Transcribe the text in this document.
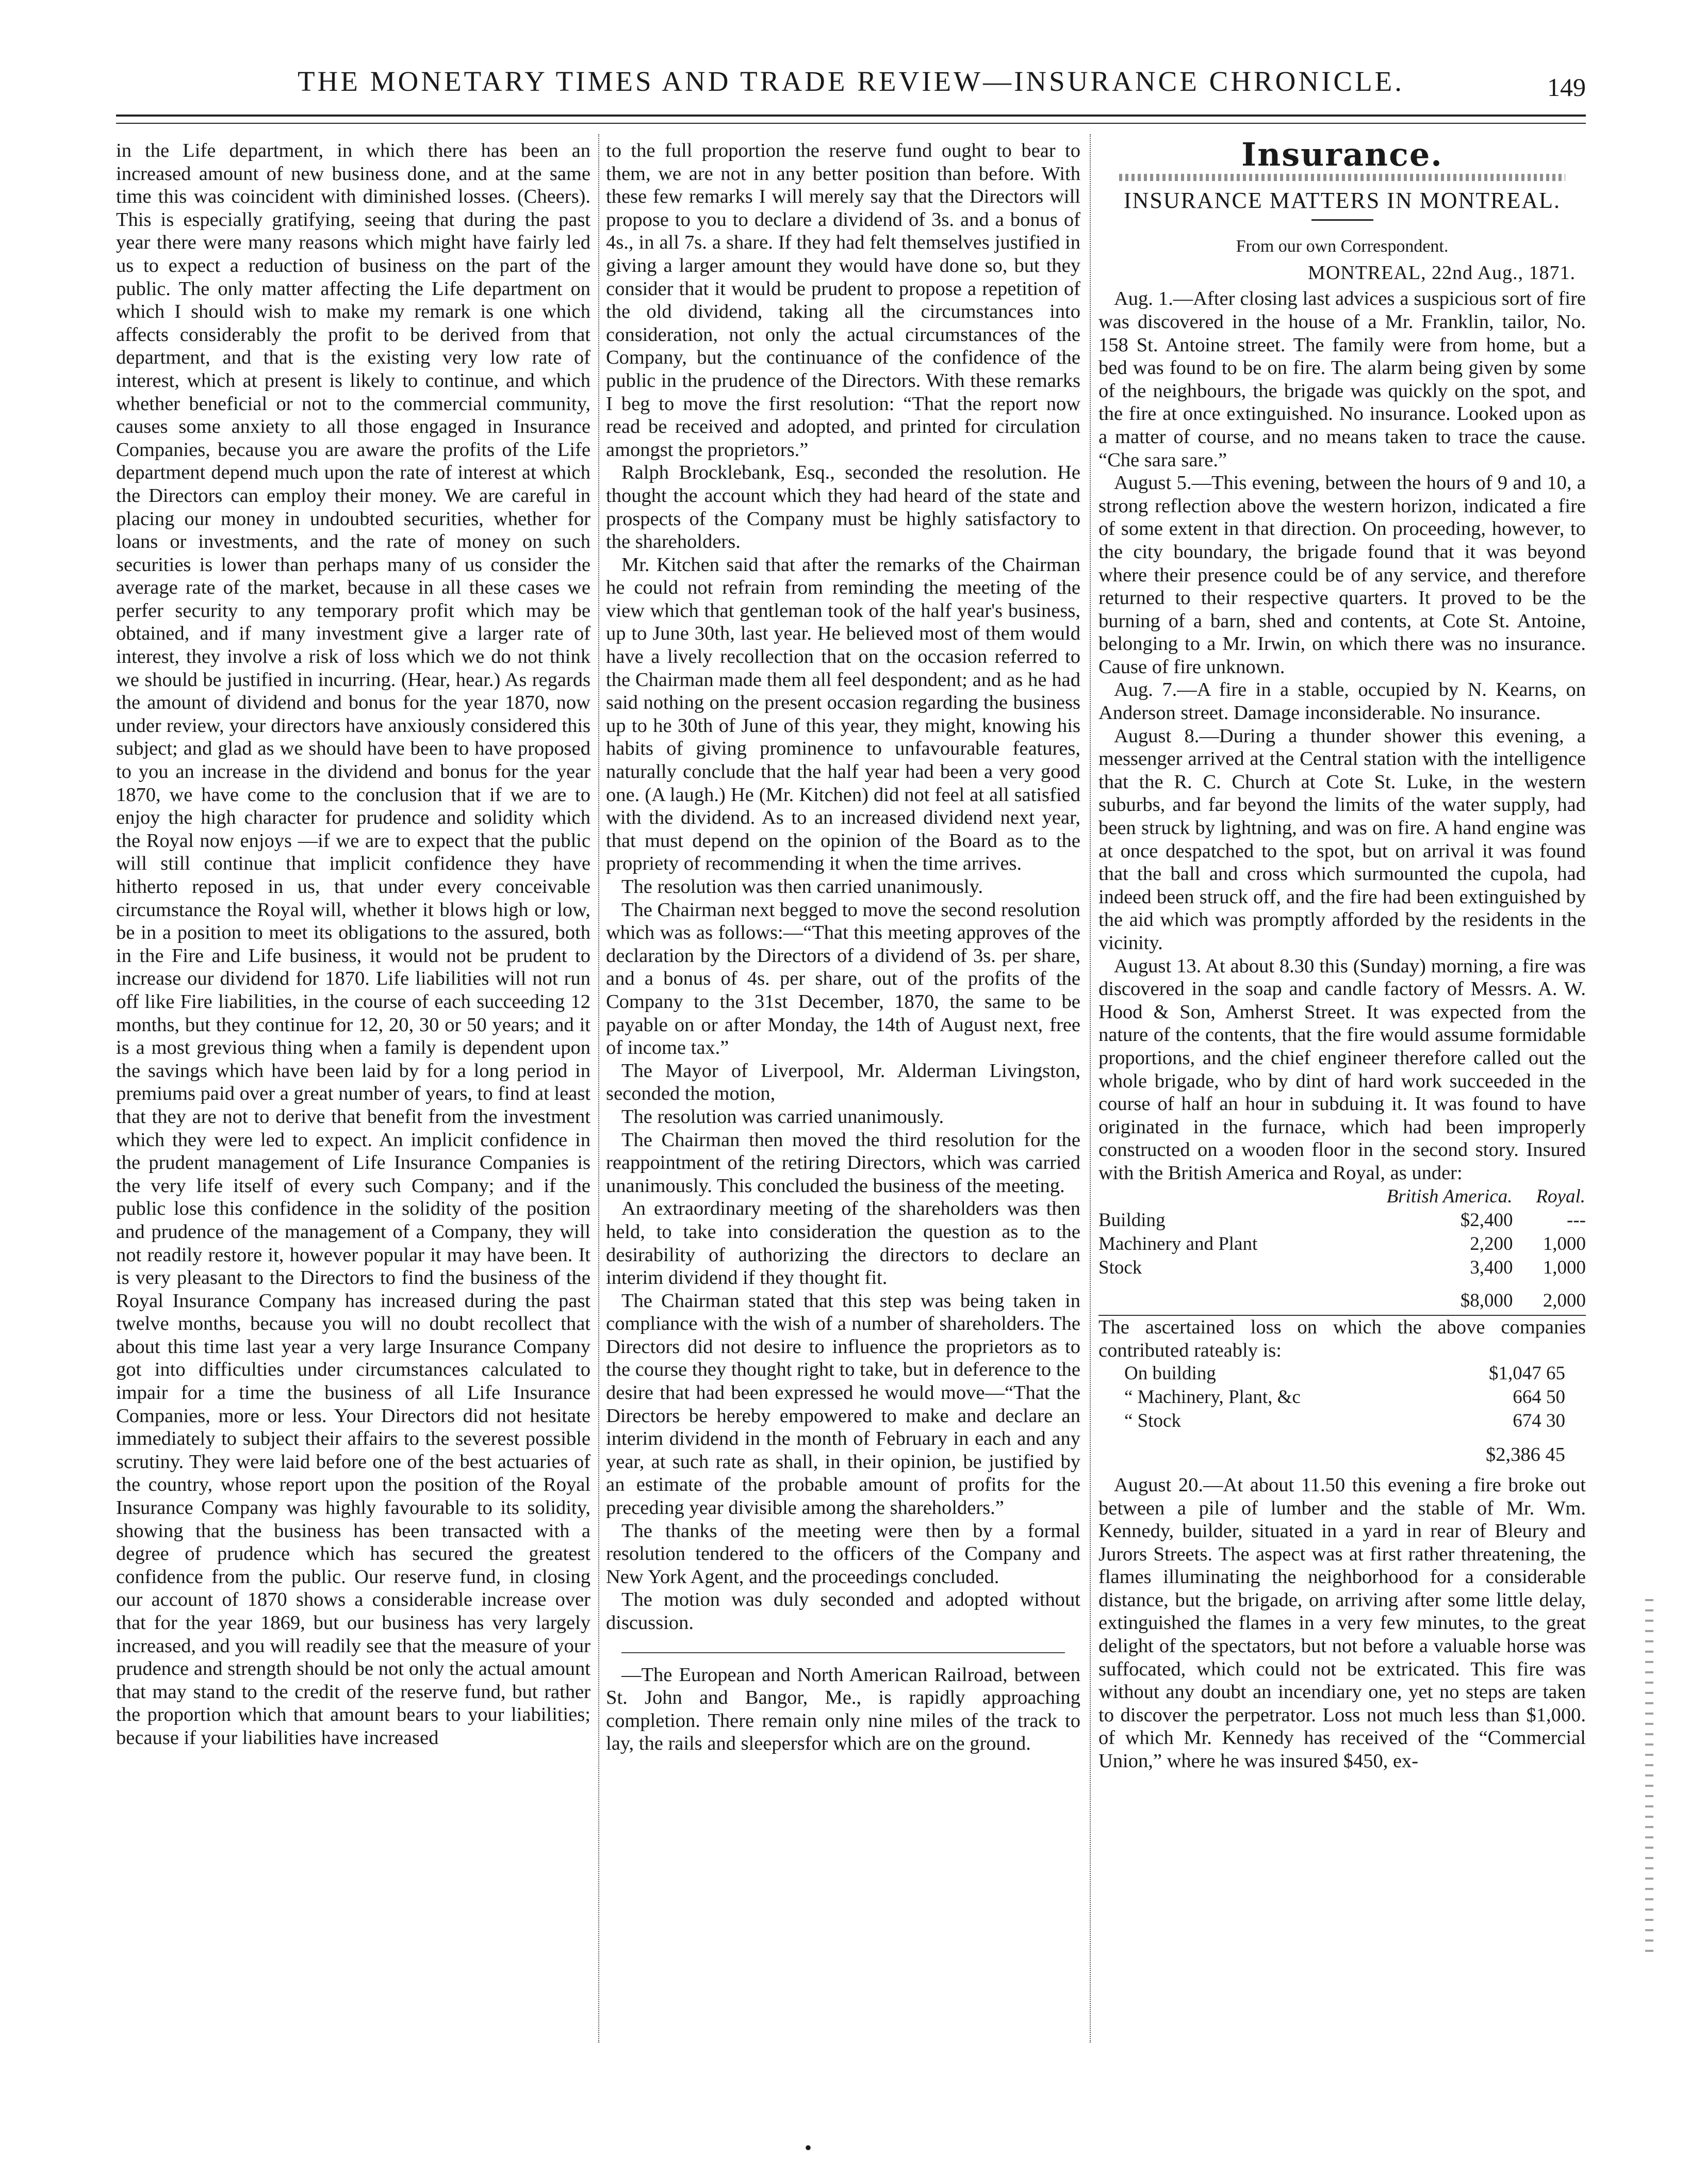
THE MONETARY TIMES AND TRADE REVIEW—INSURANCE CHRONICLE.	149

in the Life department, in which there has been an increased amount of new business done, and at the same time this was coincident with diminished losses. (Cheers). This is especially gratifying, seeing that during the past year there were many reasons which might have fairly led us to expect a reduction of business on the part of the public. The only matter affecting the Life department on which I should wish to make my remark is one which affects considerably the profit to be derived from that department, and that is the existing very low rate of interest, which at present is likely to continue, and which whether beneficial or not to the commercial community, causes some anxiety to all those engaged in Insurance Companies, because you are aware the profits of the Life department depend much upon the rate of interest at which the Directors can employ their money. We are careful in placing our money in undoubted securities, whether for loans or investments, and the rate of money on such securities is lower than perhaps many of us consider the average rate of the market, because in all these cases we perfer security to any temporary profit which may be obtained, and if many investment give a larger rate of interest, they involve a risk of loss which we do not think we should be justified in incurring. (Hear, hear.) As regards the amount of dividend and bonus for the year 1870, now under review, your directors have anxiously considered this subject; and glad as we should have been to have proposed to you an increase in the dividend and bonus for the year 1870, we have come to the conclusion that if we are to enjoy the high character for prudence and solidity which the Royal now enjoys —if we are to expect that the public will still continue that implicit confidence they have hitherto reposed in us, that under every conceivable circumstance the Royal will, whether it blows high or low, be in a position to meet its obligations to the assured, both in the Fire and Life business, it would not be prudent to increase our dividend for 1870. Life liabilities will not run off like Fire liabilities, in the course of each succeeding 12 months, but they continue for 12, 20, 30 or 50 years; and it is a most grevious thing when a family is dependent upon the savings which have been laid by for a long period in premiums paid over a great number of years, to find at least that they are not to derive that benefit from the investment which they were led to expect. An implicit confidence in the prudent management of Life Insurance Companies is the very life itself of every such Company; and if the public lose this confidence in the solidity of the position and prudence of the management of a Company, they will not readily restore it, however popular it may have been. It is very pleasant to the Directors to find the business of the Royal Insurance Company has increased during the past twelve months, because you will no doubt recollect that about this time last year a very large Insurance Company got into difficulties under circumstances calculated to impair for a time the business of all Life Insurance Companies, more or less. Your Directors did not hesitate immediately to subject their affairs to the severest possible scrutiny. They were laid before one of the best actuaries of the country, whose report upon the position of the Royal Insurance Company was highly favourable to its solidity, showing that the business has been transacted with a degree of prudence which has secured the greatest confidence from the public. Our reserve fund, in closing our account of 1870 shows a considerable increase over that for the year 1869, but our business has very largely increased, and you will readily see that the measure of your prudence and strength should be not only the actual amount that may stand to the credit of the reserve fund, but rather the proportion which that amount bears to your liabilities; because if your liabilities have increased

to the full proportion the reserve fund ought to bear to them, we are not in any better position than before. With these few remarks I will merely say that the Directors will propose to you to declare a dividend of 3s. and a bonus of 4s., in all 7s. a share. If they had felt themselves justified in giving a larger amount they would have done so, but they consider that it would be prudent to propose a repetition of the old dividend, taking all the circumstances into consideration, not only the actual circumstances of the Company, but the continuance of the confidence of the public in the prudence of the Directors. With these remarks I beg to move the first resolution: “That the report now read be received and adopted, and printed for circulation amongst the proprietors.”

Ralph Brocklebank, Esq., seconded the resolution. He thought the account which they had heard of the state and prospects of the Company must be highly satisfactory to the shareholders.

Mr. Kitchen said that after the remarks of the Chairman he could not refrain from reminding the meeting of the view which that gentleman took of the half year's business, up to June 30th, last year. He believed most of them would have a lively recollection that on the occasion referred to the Chairman made them all feel despondent; and as he had said nothing on the present occasion regarding the business up to he 30th of June of this year, they might, knowing his habits of giving prominence to unfavourable features, naturally conclude that the half year had been a very good one. (A laugh.) He (Mr. Kitchen) did not feel at all satisfied with the dividend. As to an increased dividend next year, that must depend on the opinion of the Board as to the propriety of recommending it when the time arrives.

The resolution was then carried unanimously.

The Chairman next begged to move the second resolution which was as follows:—“That this meeting approves of the declaration by the Directors of a dividend of 3s. per share, and a bonus of 4s. per share, out of the profits of the Company to the 31st December, 1870, the same to be payable on or after Monday, the 14th of August next, free of income tax.”

The Mayor of Liverpool, Mr. Alderman Livingston, seconded the motion,

The resolution was carried unanimously.

The Chairman then moved the third resolution for the reappointment of the retiring Directors, which was carried unanimously. This concluded the business of the meeting.

An extraordinary meeting of the shareholders was then held, to take into consideration the question as to the desirability of authorizing the directors to declare an interim dividend if they thought fit.

The Chairman stated that this step was being taken in compliance with the wish of a number of shareholders. The Directors did not desire to influence the proprietors as to the course they thought right to take, but in deference to the desire that had been expressed he would move—“That the Directors be hereby empowered to make and declare an interim dividend in the month of February in each and any year, at such rate as shall, in their opinion, be justified by an estimate of the probable amount of profits for the preceding year divisible among the shareholders.”

The thanks of the meeting were then by a formal resolution tendered to the officers of the Company and New York Agent, and the proceedings concluded.

The motion was duly seconded and adopted without discussion.

—The European and North American Railroad, between St. John and Bangor, Me., is rapidly approaching completion. There remain only nine miles of the track to lay, the rails and sleepersfor which are on the ground.

Insurance.
INSURANCE MATTERS IN MONTREAL.
From our own Correspondent.
MONTREAL, 22nd Aug., 1871.

Aug. 1.—After closing last advices a suspicious sort of fire was discovered in the house of a Mr. Franklin, tailor, No. 158 St. Antoine street. The family were from home, but a bed was found to be on fire. The alarm being given by some of the neighbours, the brigade was quickly on the spot, and the fire at once extinguished. No insurance. Looked upon as a matter of course, and no means taken to trace the cause. “Che sara sare.”

August 5.—This evening, between the hours of 9 and 10, a strong reflection above the western horizon, indicated a fire of some extent in that direction. On proceeding, however, to the city boundary, the brigade found that it was beyond where their presence could be of any service, and therefore returned to their respective quarters. It proved to be the burning of a barn, shed and contents, at Cote St. Antoine, belonging to a Mr. Irwin, on which there was no insurance. Cause of fire unknown.

Aug. 7.—A fire in a stable, occupied by N. Kearns, on Anderson street. Damage inconsiderable. No insurance.

August 8.—During a thunder shower this evening, a messenger arrived at the Central station with the intelligence that the R. C. Church at Cote St. Luke, in the western suburbs, and far beyond the limits of the water supply, had been struck by lightning, and was on fire. A hand engine was at once despatched to the spot, but on arrival it was found that the ball and cross which surmounted the cupola, had indeed been struck off, and the fire had been extinguished by the aid which was promptly afforded by the residents in the vicinity.

August 13. At about 8.30 this (Sunday) morning, a fire was discovered in the soap and candle factory of Messrs. A. W. Hood & Son, Amherst Street. It was expected from the nature of the contents, that the fire would assume formidable proportions, and the chief engineer therefore called out the whole brigade, who by dint of hard work succeeded in the course of half an hour in subduing it. It was found to have originated in the furnace, which had been improperly constructed on a wooden floor in the second story. Insured with the British America and Royal, as under:

	British America.	Royal.
Building	$2,400	---
Machinery and Plant	2,200	1,000
Stock	3,400	1,000
	$8,000	2,000

The ascertained loss on which the above companies contributed rateably is:

On building	$1,047 65
“ Machinery, Plant, &c	664 50
“ Stock	674 30
$2,386 45

August 20.—At about 11.50 this evening a fire broke out between a pile of lumber and the stable of Mr. Wm. Kennedy, builder, situated in a yard in rear of Bleury and Jurors Streets. The aspect was at first rather threatening, the flames illuminating the neighborhood for a considerable distance, but the brigade, on arriving after some little delay, extinguished the flames in a very few minutes, to the great delight of the spectators, but not before a valuable horse was suffocated, which could not be extricated. This fire was without any doubt an incendiary one, yet no steps are taken to discover the perpetrator. Loss not much less than $1,000. of which Mr. Kennedy has received of the “Commercial Union,” where he was insured $450, ex-

•
